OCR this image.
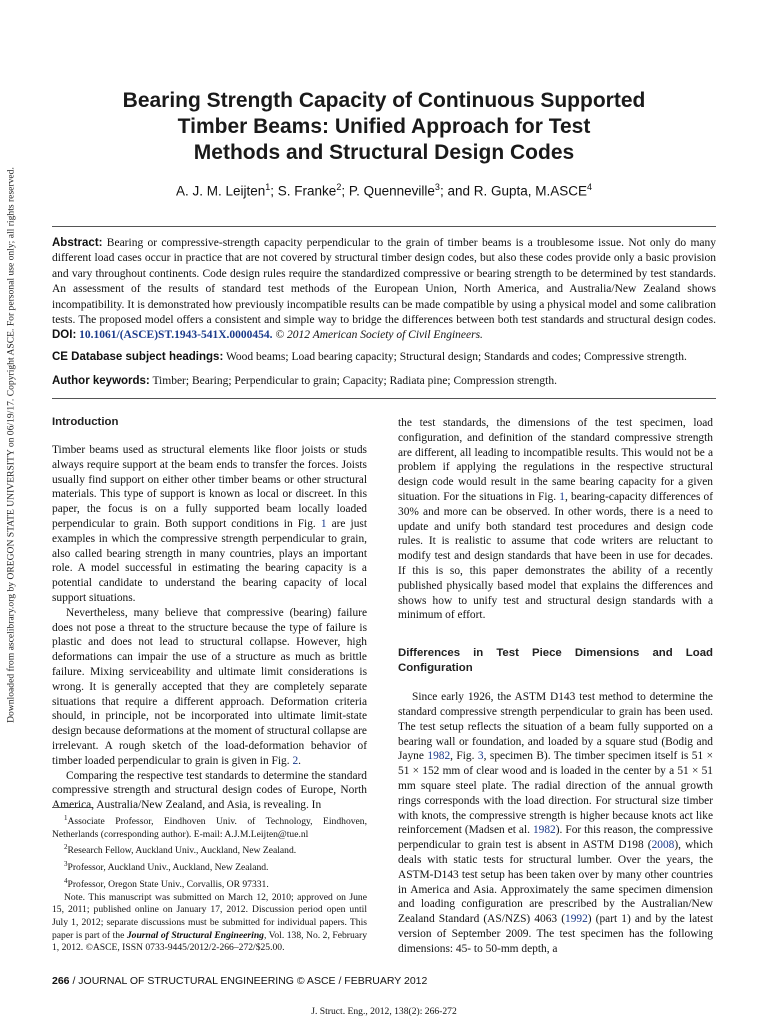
Downloaded from ascelibrary.org by OREGON STATE UNIVERSITY on 06/19/17. Copyright ASCE. For personal use only; all rights reserved.
Bearing Strength Capacity of Continuous Supported
Timber Beams: Unified Approach for Test
Methods and Structural Design Codes
A. J. M. Leijten$^1$; S. Franke$^2$; P. Quenneville$^3$; and R. Gupta, M.ASCE$^4$
Abstract: Bearing or compressive-strength capacity perpendicular to the grain of timber beams is a troublesome issue. Not only do many different load cases occur in practice that are not covered by structural timber design codes, but also these codes provide only a basic provision and vary throughout continents. Code design rules require the standardized compressive or bearing strength to be determined by test standards. An assessment of the results of standard test methods of the European Union, North America, and Australia/New Zealand shows incompatibility. It is demonstrated how previously incompatible results can be made compatible by using a physical model and some calibration tests. The proposed model offers a consistent and simple way to bridge the differences between both test standards and structural design codes. DOI: 10.1061/(ASCE)ST.1943-541X.0000454. © 2012 American Society of Civil Engineers.
CE Database subject headings: Wood beams; Load bearing capacity; Structural design; Standards and codes; Compressive strength.
Author keywords: Timber; Bearing; Perpendicular to grain; Capacity; Radiata pine; Compression strength.
Introduction

Timber beams used as structural elements like floor joists or studs always require support at the beam ends to transfer the forces. Joists usually find support on either other timber beams or other structural materials. This type of support is known as local or discreet. In this paper, the focus is on a fully supported beam locally loaded perpendicular to grain. Both support conditions in Fig. 1 are just examples in which the compressive strength perpendicular to grain, also called bearing strength in many countries, plays an important role. A model successful in estimating the bearing capacity is a potential candidate to understand the bearing capacity of local support situations.

Nevertheless, many believe that compressive (bearing) failure does not pose a threat to the structure because the type of failure is plastic and does not lead to structural collapse. However, high deformations can impair the use of a structure as much as brittle failure. Mixing serviceability and ultimate limit considerations is wrong. It is generally accepted that they are completely separate situations that require a different approach. Deformation criteria should, in principle, not be incorporated into ultimate limit-state design because deformations at the moment of structural collapse are irrelevant. A rough sketch of the load-deformation behavior of timber loaded perpendicular to grain is given in Fig. 2.

Comparing the respective test standards to determine the standard compressive strength and structural design codes of Europe, North America, Australia/New Zealand, and Asia, is revealing. In

$^1$Associate Professor, Eindhoven Univ. of Technology, Eindhoven, Netherlands (corresponding author). E-mail: A.J.M.Leijten@tue.nl

$^2$Research Fellow, Auckland Univ., Auckland, New Zealand.

$^3$Professor, Auckland Univ., Auckland, New Zealand.

$^4$Professor, Oregon State Univ., Corvallis, OR 97331.

Note. This manuscript was submitted on March 12, 2010; approved on June 15, 2011; published online on January 17, 2012. Discussion period open until July 1, 2012; separate discussions must be submitted for individual papers. This paper is part of the Journal of Structural Engineering, Vol. 138, No. 2, February 1, 2012. ©ASCE, ISSN 0733-9445/2012/2-266–272/$25.00.

the test standards, the dimensions of the test specimen, load configuration, and definition of the standard compressive strength are different, all leading to incompatible results. This would not be a problem if applying the regulations in the respective structural design code would result in the same bearing capacity for a given situation. For the situations in Fig. 1, bearing-capacity differences of 30% and more can be observed. In other words, there is a need to update and unify both standard test procedures and design code rules. It is realistic to assume that code writers are reluctant to modify test and design standards that have been in use for decades. If this is so, this paper demonstrates the ability of a recently published physically based model that explains the differences and shows how to unify test and structural design standards with a minimum of effort.

Differences in Test Piece Dimensions and Load Configuration

Since early 1926, the ASTM D143 test method to determine the standard compressive strength perpendicular to grain has been used. The test setup reflects the situation of a beam fully supported on a bearing wall or foundation, and loaded by a square stud (Bodig and Jayne 1982, Fig. 3, specimen B). The timber specimen itself is 51 × 51 × 152 mm of clear wood and is loaded in the center by a 51 × 51 mm square steel plate. The radial direction of the annual growth rings corresponds with the load direction. For structural size timber with knots, the compressive strength is higher because knots act like reinforcement (Madsen et al. 1982). For this reason, the compressive perpendicular to grain test is absent in ASTM D198 (2008), which deals with static tests for structural lumber. Over the years, the ASTM-D143 test setup has been taken over by many other countries in America and Asia. Approximately the same specimen dimension and loading configuration are prescribed by the Australian/New Zealand Standard (AS/NZS) 4063 (1992) (part 1) and by the latest version of September 2009. The test specimen has the following dimensions: 45- to 50-mm depth, a

266 / JOURNAL OF STRUCTURAL ENGINEERING © ASCE / FEBRUARY 2012
J. Struct. Eng., 2012, 138(2): 266-272
